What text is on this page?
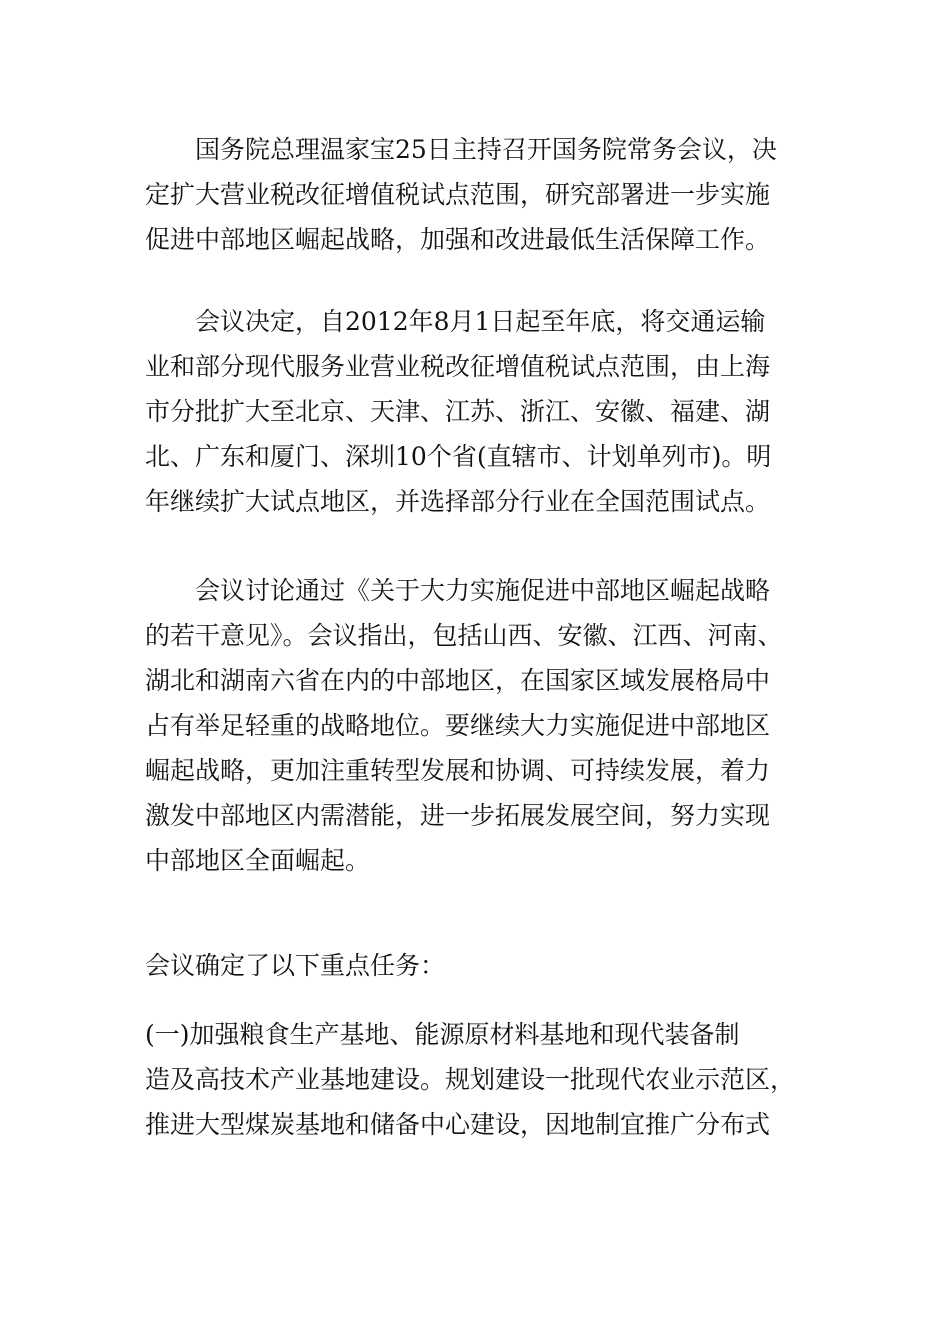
　　国务院总理温家宝25日主持召开国务院常务会议，决
定扩大营业税改征增值税试点范围，研究部署进一步实施
促进中部地区崛起战略，加强和改进最低生活保障工作。
　　会议决定，自2012年8月1日起至年底，将交通运输
业和部分现代服务业营业税改征增值税试点范围，由上海
市分批扩大至北京、天津、江苏、浙江、安徽、福建、湖
北、广东和厦门、深圳10个省(直辖市、计划单列市)。明
年继续扩大试点地区，并选择部分行业在全国范围试点。
　　会议讨论通过《关于大力实施促进中部地区崛起战略
的若干意见》。会议指出，包括山西、安徽、江西、河南、
湖北和湖南六省在内的中部地区，在国家区域发展格局中
占有举足轻重的战略地位。要继续大力实施促进中部地区
崛起战略，更加注重转型发展和协调、可持续发展，着力
激发中部地区内需潜能，进一步拓展发展空间，努力实现
中部地区全面崛起。
会议确定了以下重点任务：
(一)加强粮食生产基地、能源原材料基地和现代装备制
造及高技术产业基地建设。规划建设一批现代农业示范区，
推进大型煤炭基地和储备中心建设，因地制宜推广分布式
